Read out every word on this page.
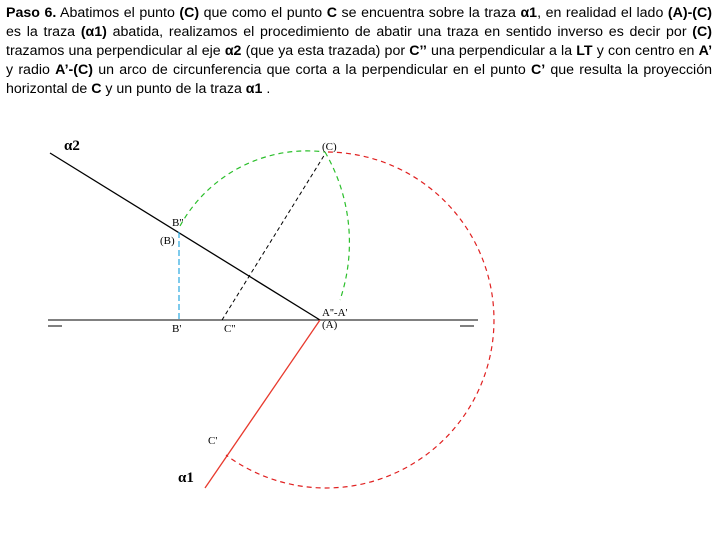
Paso 6. Abatimos el punto (C) que como el punto C se encuentra sobre la traza α1, en realidad el lado (A)-(C) es la traza (α1) abatida, realizamos el procedimiento de abatir una traza en sentido inverso es decir por (C) trazamos una perpendicular al eje α2 (que ya esta trazada) por C’’ una perpendicular a la LT y con centro en A’ y radio A’-(C) un arco de circunferencia que corta a la perpendicular en el punto C’ que resulta la proyección horizontal de C y un punto de la traza α1 .

α2
α1
(C)
B''
(B)
A''-A'
(A)
B'	C''
C'
